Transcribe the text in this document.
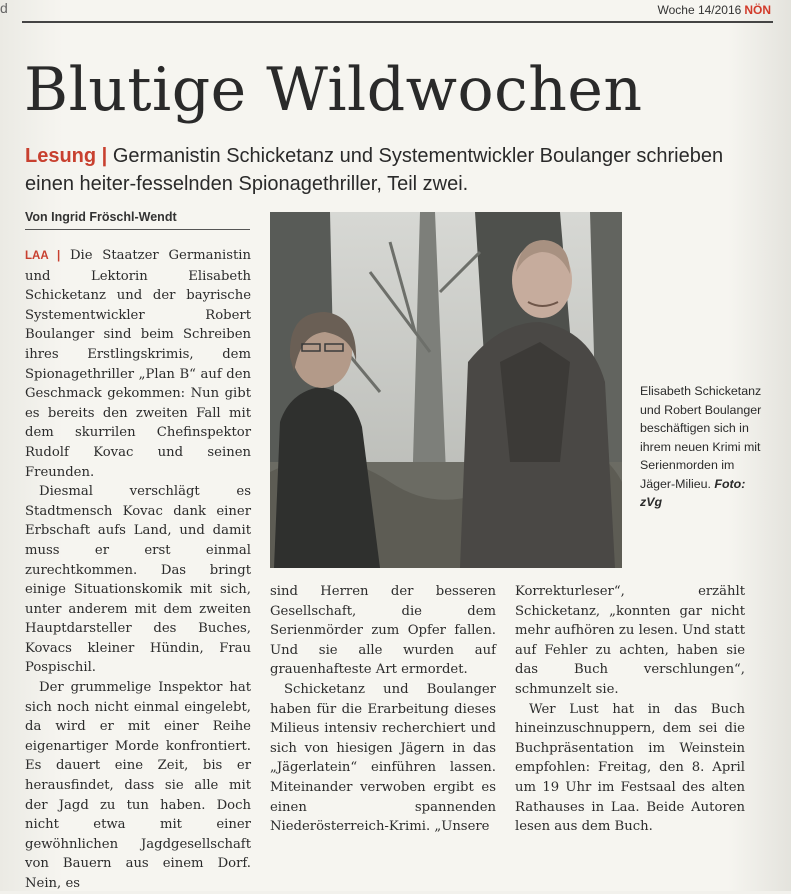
d	Woche 14/2016 NÖN
Blutige Wildwochen
Lesung | Germanistin Schicketanz und Systementwickler Boulanger schrieben einen heiter-fesselnden Spionagethriller, Teil zwei.
Von Ingrid Fröschl-Wendt

LAA | Die Staatzer Germanistin und Lektorin Elisabeth Schicketanz und der bayrische Systementwickler Robert Boulanger sind beim Schreiben ihres Erstlingskrimis, dem Spionagethriller „Plan B“ auf den Geschmack gekommen: Nun gibt es bereits den zweiten Fall mit dem skurrilen Chefinspektor Rudolf Kovac und seinen Freunden.

Diesmal verschlägt es Stadtmensch Kovac dank einer Erbschaft aufs Land, und damit muss er erst einmal zurechtkommen. Das bringt einige Situationskomik mit sich, unter anderem mit dem zweiten Hauptdarsteller des Buches, Kovacs kleiner Hündin, Frau Pospischil.

Der grummelige Inspektor hat sich noch nicht einmal eingelebt, da wird er mit einer Reihe eigenartiger Morde konfrontiert. Es dauert eine Zeit, bis er herausfindet, dass sie alle mit der Jagd zu tun haben. Doch nicht etwa mit einer gewöhnlichen Jagdgesellschaft von Bauern aus einem Dorf. Nein, es

Elisabeth Schicketanz und Robert Boulanger beschäftigen sich in ihrem neuen Krimi mit Serienmorden im Jäger-Milieu. Foto: zVg

sind Herren der besseren Gesellschaft, die dem Serienmörder zum Opfer fallen. Und sie alle wurden auf grauenhafteste Art ermordet.

Schicketanz und Boulanger haben für die Erarbeitung dieses Milieus intensiv recherchiert und sich von hiesigen Jägern in das „Jägerlatein“ einführen lassen. Miteinander verwoben ergibt es einen spannenden Niederösterreich-Krimi. „Unsere

Korrekturleser“, erzählt Schicketanz, „konnten gar nicht mehr aufhören zu lesen. Und statt auf Fehler zu achten, haben sie das Buch verschlungen“, schmunzelt sie.

Wer Lust hat in das Buch hineinzuschnuppern, dem sei die Buchpräsentation im Weinstein empfohlen: Freitag, den 8. April um 19 Uhr im Festsaal des alten Rathauses in Laa. Beide Autoren lesen aus dem Buch.
